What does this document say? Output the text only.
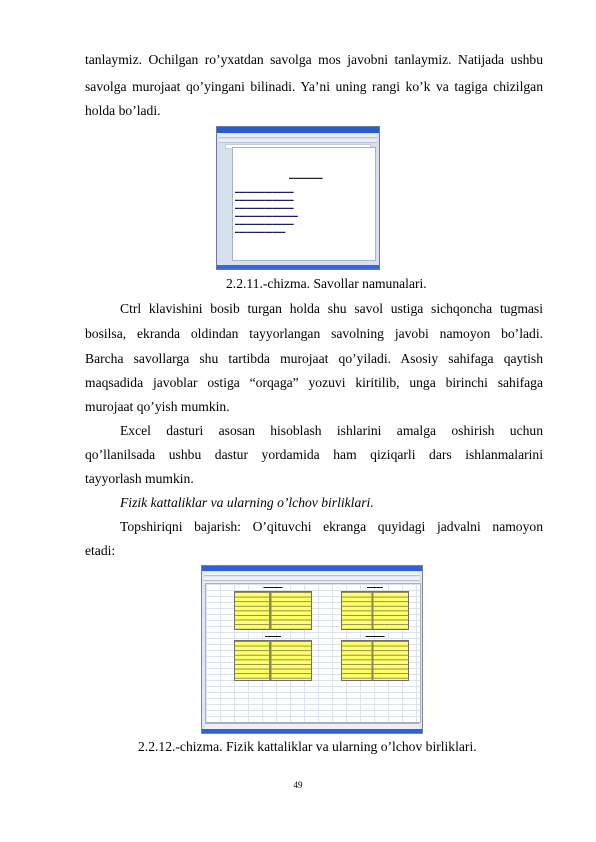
tanlaymiz. Ochilgan ro’yxatdan savolga mos javobni tanlaymiz. Natijada ushbu

savolga murojaat qo’yingani bilinadi. Ya’ni uning rangi ko’k va tagiga chizilgan

holda bo’ladi.

▬▬▬▬▬▬▬▬
▬▬▬▬▬▬▬▬▬▬▬▬▬▬
▬▬▬▬▬▬▬▬▬▬▬▬▬▬
▬▬▬▬▬▬▬▬▬▬▬▬▬▬
▬▬▬▬▬▬▬▬▬▬▬▬▬▬▬
▬▬▬▬▬▬▬▬▬▬▬▬▬▬
▬▬▬▬▬▬▬▬▬▬▬▬
2.2.11.-chizma. Savollar namunalari.

Ctrl klavishini bosib turgan holda shu savol ustiga sichqoncha tugmasi

bosilsa, ekranda oldindan tayyorlangan savolning javobi namoyon bo’ladi.

Barcha savollarga shu tartibda murojaat qo’yiladi. Asosiy sahifaga qaytish

maqsadida javoblar ostiga “orqaga” yozuvi kiritilib, unga birinchi sahifaga

murojaat qo’yish mumkin.

Excel dasturi asosan hisoblash ishlarini amalga oshirish uchun

qo’llanilsada ushbu dastur yordamida ham qiziqarli dars ishlanmalarini

tayyorlash mumkin.

Fizik kattaliklar va ularning o’lchov birliklari.

Topshiriqni bajarish: O’qituvchi ekranga quyidagi jadvalni namoyon

etadi:

▬▬▬▬▬▬	▬▬▬▬▬
▬▬▬▬▬	▬▬▬▬▬▬
2.2.12.-chizma. Fizik kattaliklar va ularning o’lchov birliklari.
49
